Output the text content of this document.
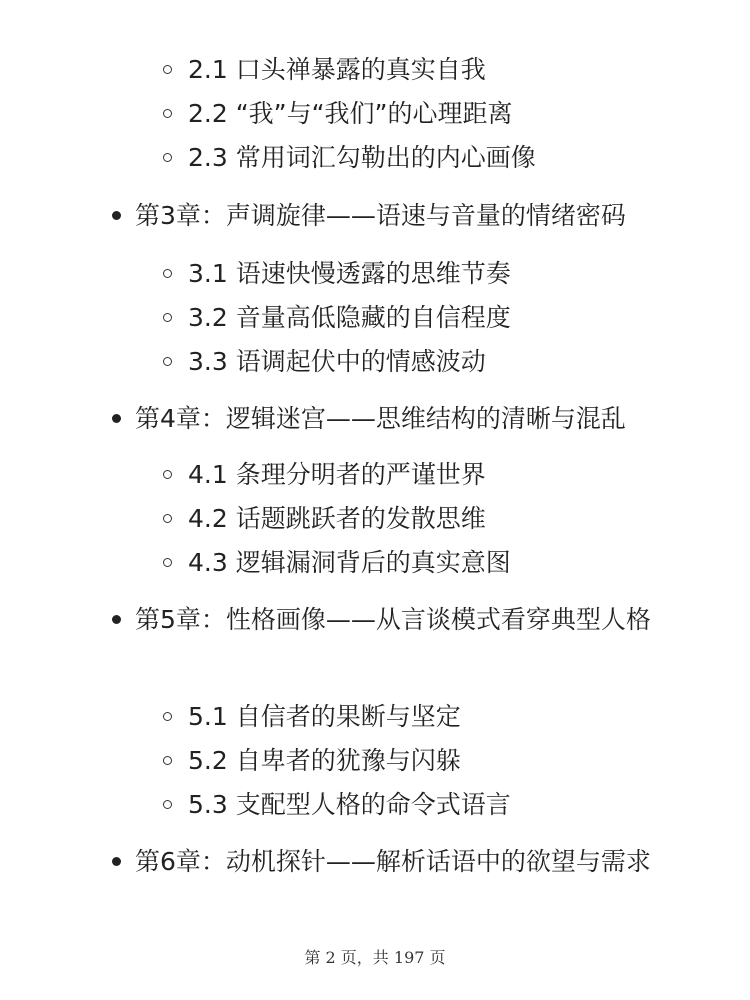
2.1 口头禅暴露的真实自我
2.2 “我”与“我们”的心理距离
2.3 常用词汇勾勒出的内心画像
第3章：声调旋律——语速与音量的情绪密码
3.1 语速快慢透露的思维节奏
3.2 音量高低隐藏的自信程度
3.3 语调起伏中的情感波动
第4章：逻辑迷宫——思维结构的清晰与混乱
4.1 条理分明者的严谨世界
4.2 话题跳跃者的发散思维
4.3 逻辑漏洞背后的真实意图
第5章：性格画像——从言谈模式看穿典型人格
5.1 自信者的果断与坚定
5.2 自卑者的犹豫与闪躲
5.3 支配型人格的命令式语言
第6章：动机探针——解析话语中的欲望与需求
第 2 页，共 197 页
